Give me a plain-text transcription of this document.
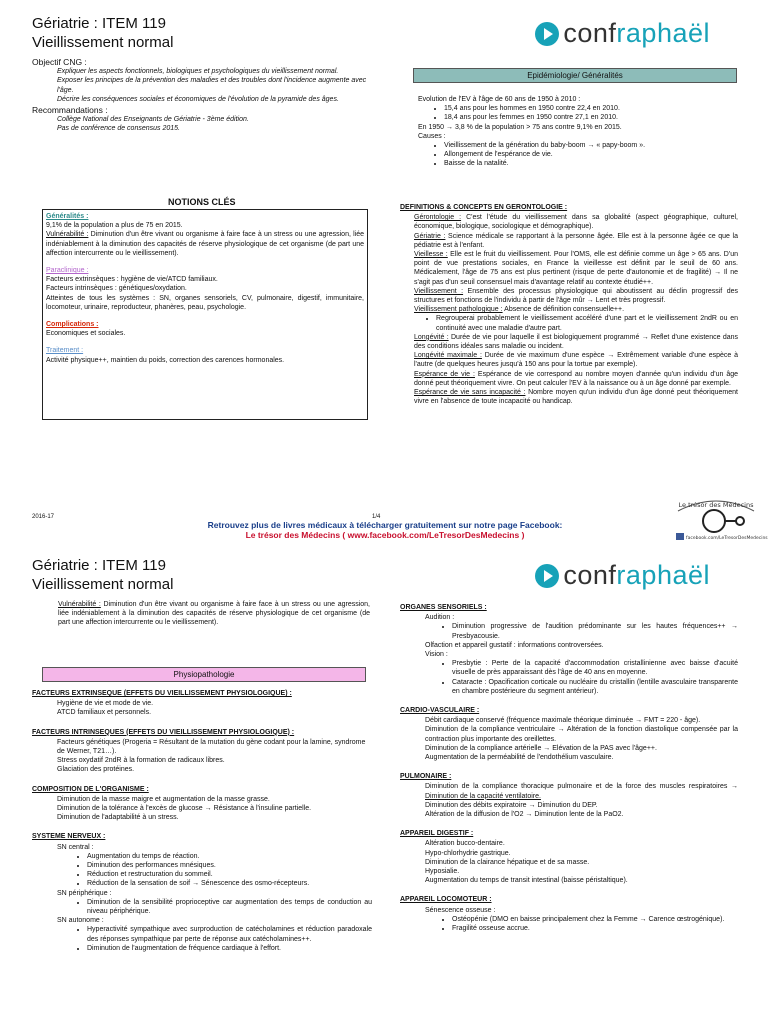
Gériatrie : ITEM 119
Vieillissement normal	confraphaël
Objectif CNG :
Expliquer les aspects fonctionnels, biologiques et psychologiques du vieillissement normal.
Exposer les principes de la prévention des maladies et des troubles dont l'incidence augmente avec l'âge.
Décrire les conséquences sociales et économiques de l'évolution de la pyramide des âges.
Recommandations :
Collège National des Enseignants de Gériatrie - 3ème édition.
Pas de conférence de consensus 2015.
NOTIONS CLÉS
Généralités :
9,1% de la population a plus de 75 en 2015.
Vulnérabilité : Diminution d'un être vivant ou organisme à faire face à un stress ou une agression, liée indéniablement à la diminution des capacités de réserve physiologique de cet organisme (de part une affection intercurrente ou le vieillissement).
Paraclinique :
Facteurs extrinsèques : hygiène de vie/ATCD familiaux.
Facteurs intrinsèques : génétiques/oxydation.
Atteintes de tous les systèmes : SN, organes sensoriels, CV, pulmonaire, digestif, immunitaire, locomoteur, urinaire, reproducteur, phanères, peau, psychologie.
Complications :
Economiques et sociales.
Traitement :
Activité physique++, maintien du poids, correction des carences hormonales.
Epidémiologie/ Généralités
Evolution de l'EV à l'âge de 60 ans de 1950 à 2010 :
• 15,4 ans pour les hommes en 1950 contre 22,4 en 2010.
• 18,4 ans pour les femmes en 1950 contre 27,1 en 2010.
En 1950 → 3,8 % de la population > 75 ans contre 9,1% en 2015.
Causes :
• Vieillissement de la génération du baby-boom → « papy-boom ».
• Allongement de l'espérance de vie.
• Baisse de la natalité.
DEFINITIONS & CONCEPTS EN GERONTOLOGIE :
Gérontologie : C'est l'étude du vieillissement dans sa globalité (aspect géographique, culturel, économique, biologique, sociologique et démographique).
Gériatrie : Science médicale se rapportant à la personne âgée. Elle est à la personne âgée ce que la pédiatrie est à l'enfant.
Vieillesse : Elle est le fruit du vieillissement. Pour l'OMS, elle est définie comme un âge > 65 ans. D'un point de vue prestations sociales, en France la vieillesse est définit par le seuil de 60 ans. Médicalement, l'âge de 75 ans est plus pertinent (risque de perte d'autonomie et de fragilité) → Il ne s'agit pas d'un seuil consensuel mais d'avantage relatif au contexte étudié++.
Vieillissement : Ensemble des processus physiologique qui aboutissent au déclin progressif des structures et fonctions de l'individu à partir de l'âge mûr → Lent et très progressif.
Vieillissement pathologique : Absence de définition consensuelle++.
• Regrouperai probablement le vieillissement accéléré d'une part et le vieillissement 2ndR ou en continuité avec une maladie d'autre part.
Longévité : Durée de vie pour laquelle il est biologiquement programmé → Reflet d'une existence dans des conditions idéales sans maladie ou incident.
Longévité maximale : Durée de vie maximum d'une espèce → Extrêmement variable d'une espèce à l'autre (de quelques heures jusqu'à 150 ans pour la tortue par exemple).
Espérance de vie : Espérance de vie correspond au nombre moyen d'année qu'un individu d'un âge donné peut théoriquement vivre. On peut calculer l'EV à la naissance ou à un âge donné par exemple.
Espérance de vie sans incapacité : Nombre moyen qu'un individu d'un âge donné peut théoriquement vivre en l'absence de toute incapacité ou handicap.
2016-17	1/4
Retrouvez plus de livres médicaux à télécharger gratuitement sur notre page Facebook:
Le trésor des Médecins ( www.facebook.com/LeTresorDesMedecins )
Le trésor des Médecins
facebook.com/LeTresorDesMedecins
Gériatrie : ITEM 119
Vieillissement normal	confraphaël
Vulnérabilité : Diminution d'un être vivant ou organisme à faire face à un stress ou une agression, liée indéniablement à la diminution des capacités de réserve physiologique de cet organisme (de part une affection intercurrente ou le vieillissement).
Physiopathologie
FACTEURS EXTRINSEQUE (EFFETS DU VIEILLISSEMENT PHYSIOLOGIQUE) :
Hygiène de vie et mode de vie.
ATCD familiaux et personnels.
FACTEURS INTRINSEQUES (EFFETS DU VIEILLISSEMENT PHYSIOLOGIQUE) :
Facteurs génétiques (Progeria = Résultant de la mutation du gène codant pour la lamine, syndrome de Werner, T21…).
Stress oxydatif 2ndR à la formation de radicaux libres.
Glaciation des protéines.
COMPOSITION DE L'ORGANISME :
Diminution de la masse maigre et augmentation de la masse grasse.
Diminution de la tolérance à l'excès de glucose → Résistance à l'insuline partielle.
Diminution de l'adaptabilité à un stress.
SYSTEME NERVEUX :
SN central :
• Augmentation du temps de réaction.
• Diminution des performances mnésiques.
• Réduction et restructuration du sommeil.
• Réduction de la sensation de soif → Sénescence des osmo-récepteurs.
SN périphérique :
• Diminution de la sensibilité proprioceptive car augmentation des temps de conduction au niveau périphérique.
SN autonome :
• Hyperactivité sympathique avec surproduction de catécholamines et réduction paradoxale des réponses sympathique par perte de réponse aux catécholamines++.
• Diminution de l'augmentation de fréquence cardiaque à l'effort.
ORGANES SENSORIELS :
Audition :
• Diminution progressive de l'audition prédominante sur les hautes fréquences++ → Presbyacousie.
Olfaction et appareil gustatif : informations controversées.
Vision :
• Presbytie : Perte de la capacité d'accommodation cristallinienne avec baisse d'acuité visuelle de près apparaissant dès l'âge de 40 ans en moyenne.
• Cataracte : Opacification corticale ou nucléaire du cristallin (lentille avasculaire transparente en chambre postérieure du segment antérieur).
CARDIO-VASCULAIRE :
Débit cardiaque conservé (fréquence maximale théorique diminuée → FMT = 220 - âge).
Diminution de la compliance ventriculaire → Altération de la fonction diastolique compensée par la contraction plus importante des oreillettes.
Diminution de la compliance artérielle → Elévation de la PAS avec l'âge++.
Augmentation de la perméabilité de l'endothélium vasculaire.
PULMONAIRE :
Diminution de la compliance thoracique pulmonaire et de la force des muscles respiratoires → Diminution de la capacité ventilatoire.
Diminution des débits expiratoire → Diminution du DEP.
Altération de la diffusion de l'O2 → Diminution lente de la PaO2.
APPAREIL DIGESTIF :
Altération bucco-dentaire.
Hypo-chlorhydrie gastrique.
Diminution de la clairance hépatique et de sa masse.
Hyposialie.
Augmentation du temps de transit intestinal (baisse péristaltique).
APPAREIL LOCOMOTEUR :
Sénescence osseuse :
• Ostéopénie (DMO en baisse principalement chez la Femme → Carence œstrogénique).
• Fragilité osseuse accrue.
